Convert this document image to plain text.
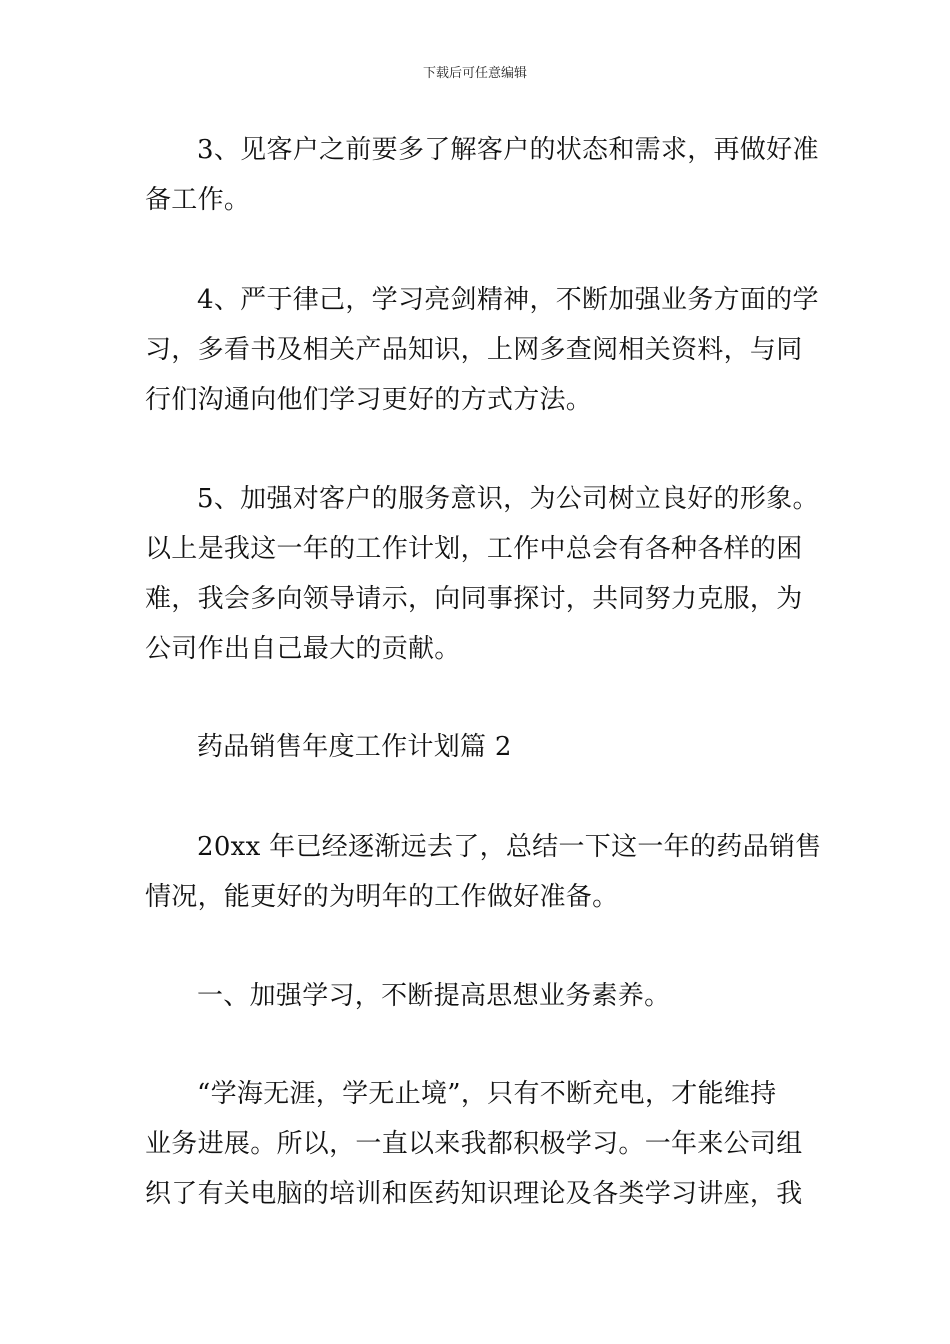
下载后可任意编辑
3、见客户之前要多了解客户的状态和需求，再做好准
备工作。
4、严于律己，学习亮剑精神，不断加强业务方面的学
习，多看书及相关产品知识，上网多查阅相关资料，与同
行们沟通向他们学习更好的方式方法。
5、加强对客户的服务意识，为公司树立良好的形象。
以上是我这一年的工作计划，工作中总会有各种各样的困
难，我会多向领导请示，向同事探讨，共同努力克服，为
公司作出自己最大的贡献。
药品销售年度工作计划篇 2
20xx 年已经逐渐远去了，总结一下这一年的药品销售
情况，能更好的为明年的工作做好准备。
一、加强学习，不断提高思想业务素养。
“学海无涯，学无止境”，只有不断充电，才能维持
业务进展。所以，一直以来我都积极学习。一年来公司组
织了有关电脑的培训和医药知识理论及各类学习讲座，我
